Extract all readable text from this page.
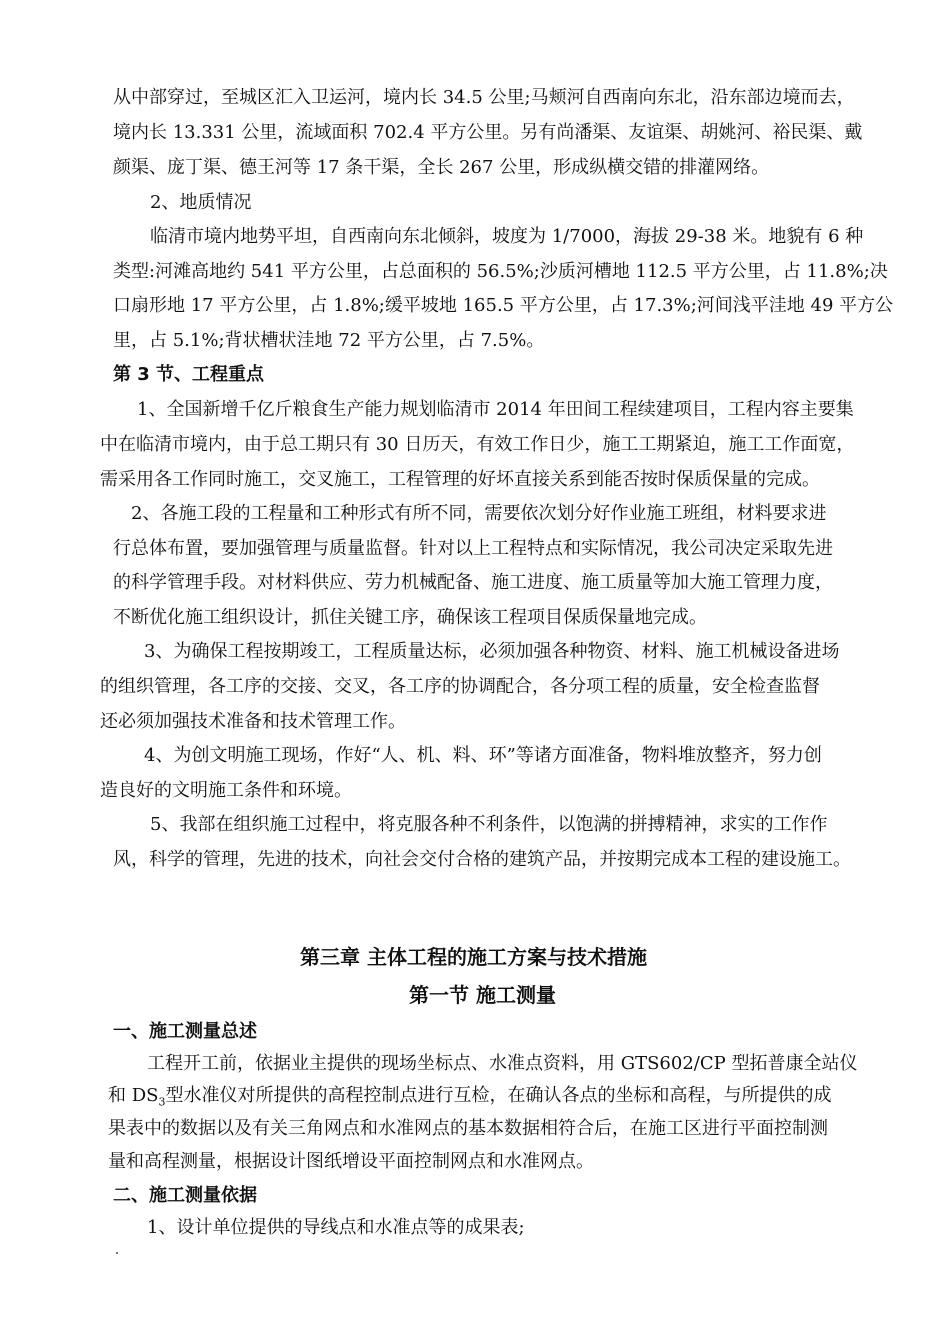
从中部穿过，至城区汇入卫运河，境内长 34.5 公里;马颊河自西南向东北，沿东部边境而去，
境内长 13.331 公里，流域面积 702.4 平方公里。另有尚潘渠、友谊渠、胡姚河、裕民渠、戴
颜渠、庞丁渠、德王河等 17 条干渠，全长 267 公里，形成纵横交错的排灌网络。
2、地质情况
临清市境内地势平坦，自西南向东北倾斜，坡度为 1/7000，海拔 29-38 米。地貌有 6 种
类型:河滩高地约 541 平方公里，占总面积的 56.5%;沙质河槽地 112.5 平方公里，占 11.8%;决
口扇形地 17 平方公里，占 1.8%;缓平坡地 165.5 平方公里，占 17.3%;河间浅平洼地 49 平方公
里，占 5.1%;背状槽状洼地 72 平方公里，占 7.5%。
第 3 节、工程重点
1、全国新增千亿斤粮食生产能力规划临清市 2014 年田间工程续建项目，工程内容主要集
中在临清市境内，由于总工期只有 30 日历天，有效工作日少，施工工期紧迫，施工工作面宽，
需采用各工作同时施工，交叉施工，工程管理的好坏直接关系到能否按时保质保量的完成。
2、各施工段的工程量和工种形式有所不同，需要依次划分好作业施工班组，材料要求进
行总体布置，要加强管理与质量监督。针对以上工程特点和实际情况，我公司决定采取先进
的科学管理手段。对材料供应、劳力机械配备、施工进度、施工质量等加大施工管理力度，
不断优化施工组织设计，抓住关键工序，确保该工程项目保质保量地完成。
3、为确保工程按期竣工，工程质量达标，必须加强各种物资、材料、施工机械设备进场
的组织管理，各工序的交接、交叉，各工序的协调配合，各分项工程的质量，安全检查监督
还必须加强技术准备和技术管理工作。
4、为创文明施工现场，作好“人、机、料、环”等诸方面准备，物料堆放整齐，努力创
造良好的文明施工条件和环境。
5、我部在组织施工过程中，将克服各种不利条件，以饱满的拼搏精神，求实的工作作
风，科学的管理，先进的技术，向社会交付合格的建筑产品，并按期完成本工程的建设施工。
第三章 主体工程的施工方案与技术措施
第一节 施工测量
一、施工测量总述
工程开工前，依据业主提供的现场坐标点、水准点资料，用 GTS602/CP 型拓普康全站仪
和 $DS_3$型水准仪对所提供的高程控制点进行互检，在确认各点的坐标和高程，与所提供的成
果表中的数据以及有关三角网点和水准网点的基本数据相符合后，在施工区进行平面控制测
量和高程测量，根据设计图纸增设平面控制网点和水准网点。
二、施工测量依据
1、设计单位提供的导线点和水准点等的成果表;
